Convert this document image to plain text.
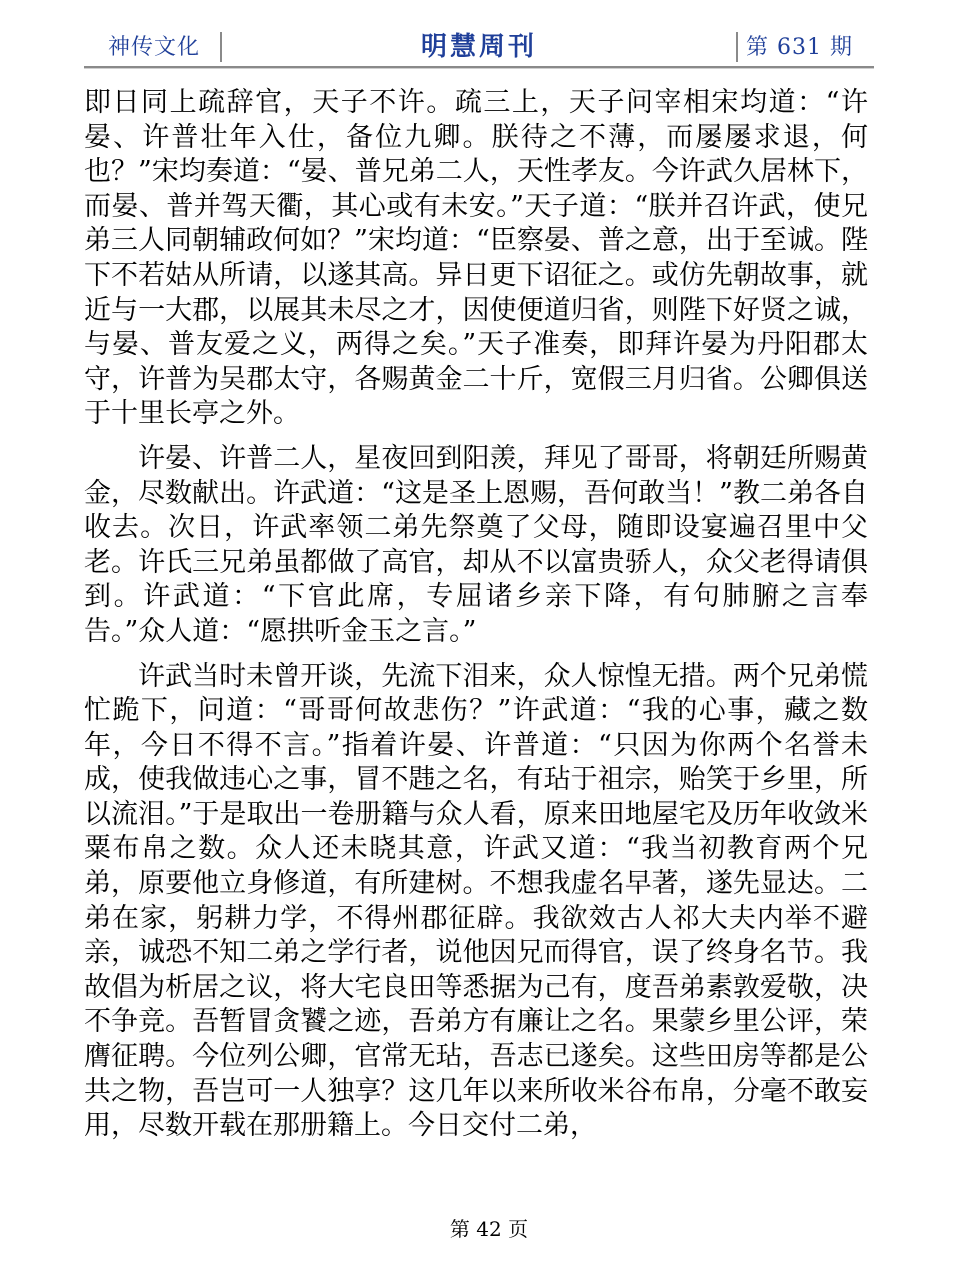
神传文化	明慧周刊	第 631 期

即日同上疏辞官，天子不许。疏三上，天子问宰相宋均道：“许晏、许普壮年入仕，备位九卿。朕待之不薄，而屡屡求退，何也？”宋均奏道：“晏、普兄弟二人，天性孝友。今许武久居林下，而晏、普并驾天衢，其心或有未安。”天子道：“朕并召许武，使兄弟三人同朝辅政何如？”宋均道：“臣察晏、普之意，出于至诚。陛下不若姑从所请，以遂其高。异日更下诏征之。或仿先朝故事，就近与一大郡，以展其未尽之才，因使便道归省，则陛下好贤之诚，与晏、普友爱之义，两得之矣。”天子准奏，即拜许晏为丹阳郡太守，许普为吴郡太守，各赐黄金二十斤，宽假三月归省。公卿俱送于十里长亭之外。

许晏、许普二人，星夜回到阳羡，拜见了哥哥，将朝廷所赐黄金，尽数献出。许武道：“这是圣上恩赐，吾何敢当！”教二弟各自收去。次日，许武率领二弟先祭奠了父母，随即设宴遍召里中父老。许氏三兄弟虽都做了高官，却从不以富贵骄人，众父老得请俱到。许武道：“下官此席，专屈诸乡亲下降，有句肺腑之言奉告。”众人道：“愿拱听金玉之言。”

许武当时未曾开谈，先流下泪来，众人惊惶无措。两个兄弟慌忙跪下，问道：“哥哥何故悲伤？”许武道：“我的心事，藏之数年，今日不得不言。”指着许晏、许普道：“只因为你两个名誉未成，使我做违心之事，冒不韪之名，有玷于祖宗，贻笑于乡里，所以流泪。”于是取出一卷册籍与众人看，原来田地屋宅及历年收敛米粟布帛之数。众人还未晓其意，许武又道：“我当初教育两个兄弟，原要他立身修道，有所建树。不想我虚名早著，遂先显达。二弟在家，躬耕力学，不得州郡征辟。我欲效古人祁大夫内举不避亲，诚恐不知二弟之学行者，说他因兄而得官，误了终身名节。我故倡为析居之议，将大宅良田等悉据为己有，度吾弟素敦爱敬，决不争竞。吾暂冒贪饕之迹，吾弟方有廉让之名。果蒙乡里公评，荣膺征聘。今位列公卿，官常无玷，吾志已遂矣。这些田房等都是公共之物，吾岂可一人独享？这几年以来所收米谷布帛，分毫不敢妄用，尽数开载在那册籍上。今日交付二弟，

第 42 页
